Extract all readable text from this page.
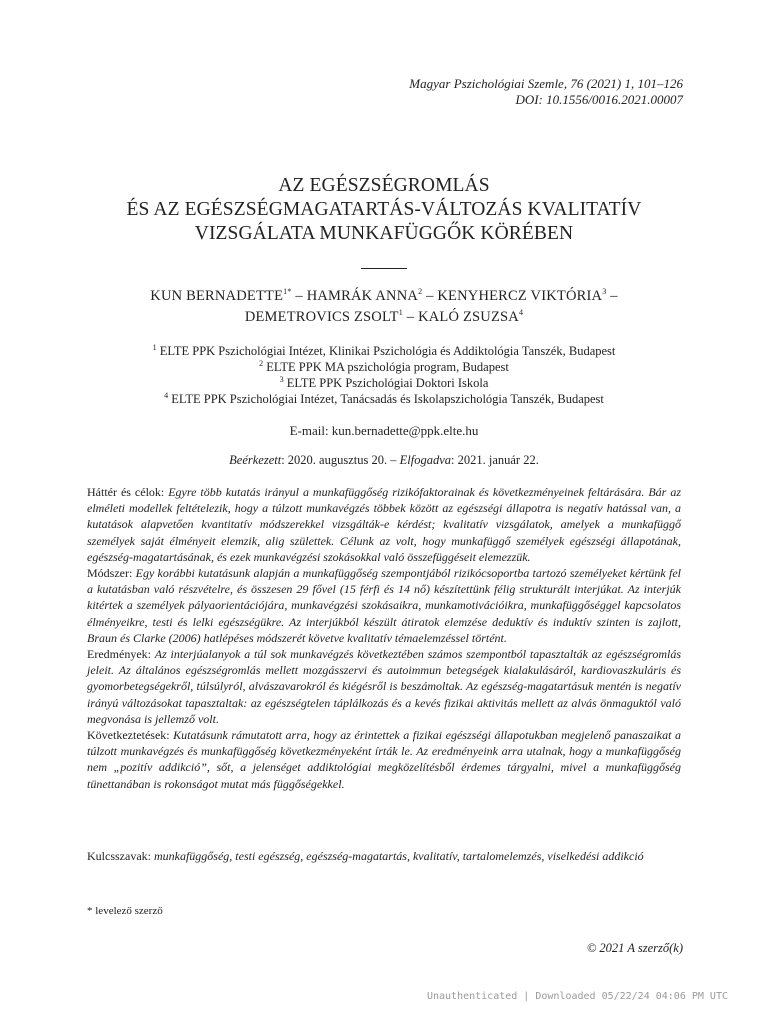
Magyar Pszichológiai Szemle, 76 (2021) 1, 101–126
DOI: 10.1556/0016.2021.00007
AZ EGÉSZSÉGROMLÁS
ÉS AZ EGÉSZSÉGMAGATARTÁS-VÁLTOZÁS KVALITATÍV
VIZSGÁLATA MUNKAFÜGGŐK KÖRÉBEN
KUN $BERNADETTE^{1*}$ – HAMRÁK ANNA$^2$ – KENYHERCZ VIKTÓRIA$^3$ –
DEMETROVICS ZSOLT$^1$ – KALÓ ZSUZSA$^4$
$^1$ ELTE PPK Pszichológiai Intézet, Klinikai Pszichológia és Addiktológia Tanszék, Budapest
$^2$ ELTE PPK MA pszichológia program, Budapest
$^3$ ELTE PPK Pszichológiai Doktori Iskola
$^4$ ELTE PPK Pszichológiai Intézet, Tanácsadás és Iskolapszichológia Tanszék, Budapest
E-mail: kun.bernadette@ppk.elte.hu
Beérkezett: 2020. augusztus 20. – Elfogadva: 2021. január 22.

Háttér és célok: Egyre több kutatás irányul a munkafüggőség rizikófaktorainak és következményeinek feltárására. Bár az elméleti modellek feltételezik, hogy a túlzott munkavégzés többek között az egészségi állapotra is negatív hatással van, a kutatások alapvetően kvantitatív módszerekkel vizsgálták-e kérdést; kvalitatív vizsgálatok, amelyek a munkafüggő személyek saját élményeit elemzik, alig születtek. Célunk az volt, hogy munkafüggő személyek egészségi állapotának, egészség-magatartásának, és ezek munkavégzési szokásokkal való összefüggéseit elemezzük.

Módszer: Egy korábbi kutatásunk alapján a munkafüggőség szempontjából rizikócsoportba tartozó személyeket kértünk fel a kutatásban való részvételre, és összesen 29 fővel (15 férfi és 14 nő) készítettünk félig strukturált interjúkat. Az interjúk kitértek a személyek pályaorientációjára, munkavégzési szokásaikra, munkamotivációikra, munkafüggőséggel kapcsolatos élményeikre, testi és lelki egészségükre. Az interjúkból készült átiratok elemzése deduktív és induktív szinten is zajlott, Braun és Clarke (2006) hatlépéses módszerét követve kvalitatív témaelemzéssel történt.

Eredmények: Az interjúalanyok a túl sok munkavégzés következtében számos szempontból tapasztalták az egészségromlás jeleit. Az általános egészségromlás mellett mozgásszervi és autoimmun betegségek kialakulásáról, kardiovaszkuláris és gyomorbetegségekről, túlsúlyról, alvászavarokról és kiégésről is beszámoltak. Az egészség-magatartásuk mentén is negatív irányú változásokat tapasztaltak: az egészségtelen táplálkozás és a kevés fizikai aktivitás mellett az alvás önmaguktól való megvonása is jellemző volt.

Következtetések: Kutatásunk rámutatott arra, hogy az érintettek a fizikai egészségi állapotukban megjelenő panaszaikat a túlzott munkavégzés és munkafüggőség következményeként írták le. Az eredményeink arra utalnak, hogy a munkafüggőség nem „pozitív addikció”, sőt, a jelenséget addiktológiai megközelítésből érdemes tárgyalni, mivel a munkafüggőség tünettanában is rokonságot mutat más függőségekkel.

Kulcsszavak: munkafüggőség, testi egészség, egészség-magatartás, kvalitatív, tartalomelemzés, viselkedési addikció
* levelező szerző
© 2021 A szerző(k)
Unauthenticated | Downloaded 05/22/24 04:06 PM UTC
